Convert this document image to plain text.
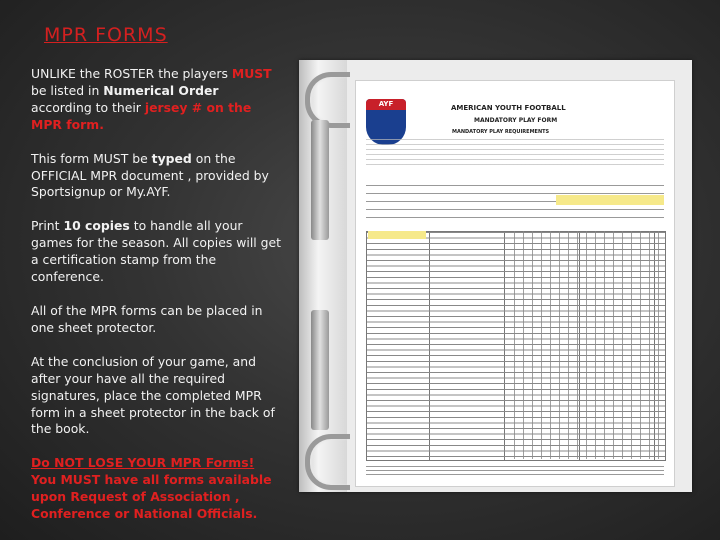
MPR FORMS

UNLIKE the ROSTER the players MUST be listed in Numerical Order according to their jersey # on the MPR form.

This form MUST be typed on the OFFICIAL MPR document , provided by Sportsignup or My.AYF.

Print 10 copies to handle all your games for the season. All copies will get a certification stamp from the conference.

All of the MPR forms can be placed in one sheet protector.

At the conclusion of your game, and after your have all the required signatures, place the completed MPR form in a sheet protector in the back of the book.

Do NOT LOSE YOUR MPR Forms! You MUST have all forms available upon Request of Association , Conference or National Officials.

AYF	AMERICAN YOUTH FOOTBALL
MANDATORY PLAY FORM
MANDATORY PLAY REQUIREMENTS
